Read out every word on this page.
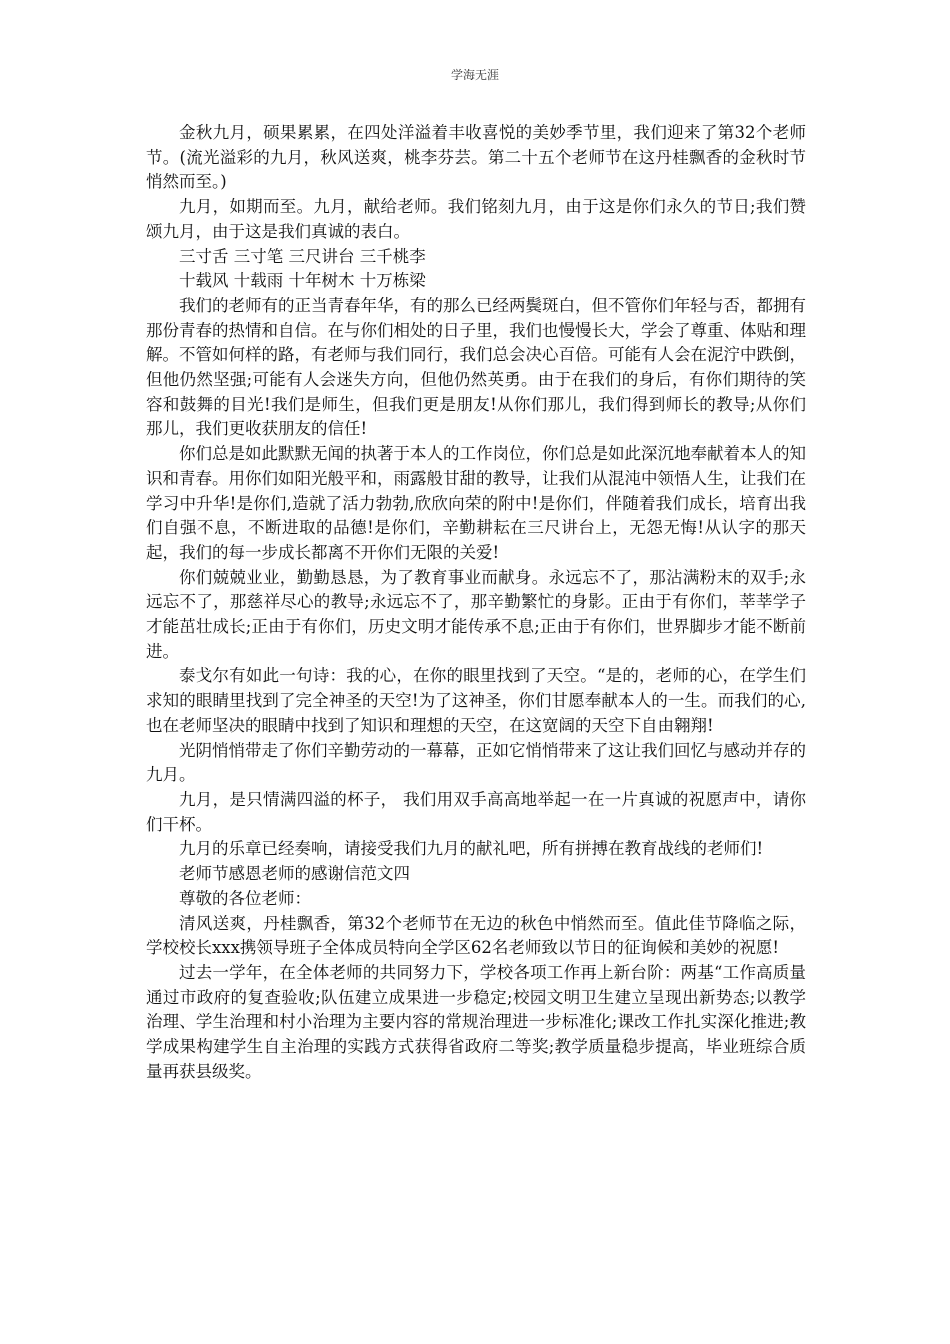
学海无涯

金秋九月，硕果累累，在四处洋溢着丰收喜悦的美妙季节里，我们迎来了第32个老师节。(流光溢彩的九月，秋风送爽，桃李芬芸。第二十五个老师节在这丹桂飘香的金秋时节悄然而至。)

九月，如期而至。九月，献给老师。我们铭刻九月，由于这是你们永久的节日;我们赞颂九月，由于这是我们真诚的表白。

三寸舌 三寸笔 三尺讲台 三千桃李

十载风 十载雨 十年树木 十万栋梁

我们的老师有的正当青春年华，有的那么已经两鬓斑白，但不管你们年轻与否，都拥有那份青春的热情和自信。在与你们相处的日子里，我们也慢慢长大，学会了尊重、体贴和理解。不管如何样的路，有老师与我们同行，我们总会决心百倍。可能有人会在泥泞中跌倒，但他仍然坚强;可能有人会迷失方向，但他仍然英勇。由于在我们的身后，有你们期待的笑容和鼓舞的目光!我们是师生，但我们更是朋友!从你们那儿，我们得到师长的教导;从你们那儿，我们更收获朋友的信任!

你们总是如此默默无闻的执著于本人的工作岗位，你们总是如此深沉地奉献着本人的知识和青春。用你们如阳光般平和，雨露般甘甜的教导，让我们从混沌中领悟人生，让我们在学习中升华!是你们,造就了活力勃勃,欣欣向荣的附中!是你们，伴随着我们成长，培育出我们自强不息，不断进取的品德!是你们，辛勤耕耘在三尺讲台上，无怨无悔!从认字的那天起，我们的每一步成长都离不开你们无限的关爱!

你们兢兢业业，勤勤恳恳，为了教育事业而献身。永远忘不了，那沾满粉末的双手;永远忘不了，那慈祥尽心的教导;永远忘不了，那辛勤繁忙的身影。正由于有你们，莘莘学子才能茁壮成长;正由于有你们，历史文明才能传承不息;正由于有你们，世界脚步才能不断前进。

泰戈尔有如此一句诗：我的心，在你的眼里找到了天空。“是的，老师的心，在学生们求知的眼睛里找到了完全神圣的天空!为了这神圣，你们甘愿奉献本人的一生。而我们的心,也在老师坚决的眼睛中找到了知识和理想的天空，在这宽阔的天空下自由翱翔!

光阴悄悄带走了你们辛勤劳动的一幕幕，正如它悄悄带来了这让我们回忆与感动并存的九月。

九月，是只情满四溢的杯子， 我们用双手高高地举起一在一片真诚的祝愿声中，请你们干杯。

九月的乐章已经奏响，请接受我们九月的献礼吧，所有拼搏在教育战线的老师们!

老师节感恩老师的感谢信范文四

尊敬的各位老师：

清风送爽，丹桂飘香，第32个老师节在无边的秋色中悄然而至。值此佳节降临之际，学校校长xxx携领导班子全体成员特向全学区62名老师致以节日的征询候和美妙的祝愿!

过去一学年，在全体老师的共同努力下，学校各项工作再上新台阶：两基“工作高质量通过市政府的复查验收;队伍建立成果进一步稳定;校园文明卫生建立呈现出新势态;以教学治理、学生治理和村小治理为主要内容的常规治理进一步标准化;课改工作扎实深化推进;教学成果构建学生自主治理的实践方式获得省政府二等奖;教学质量稳步提高，毕业班综合质量再获县级奖。
